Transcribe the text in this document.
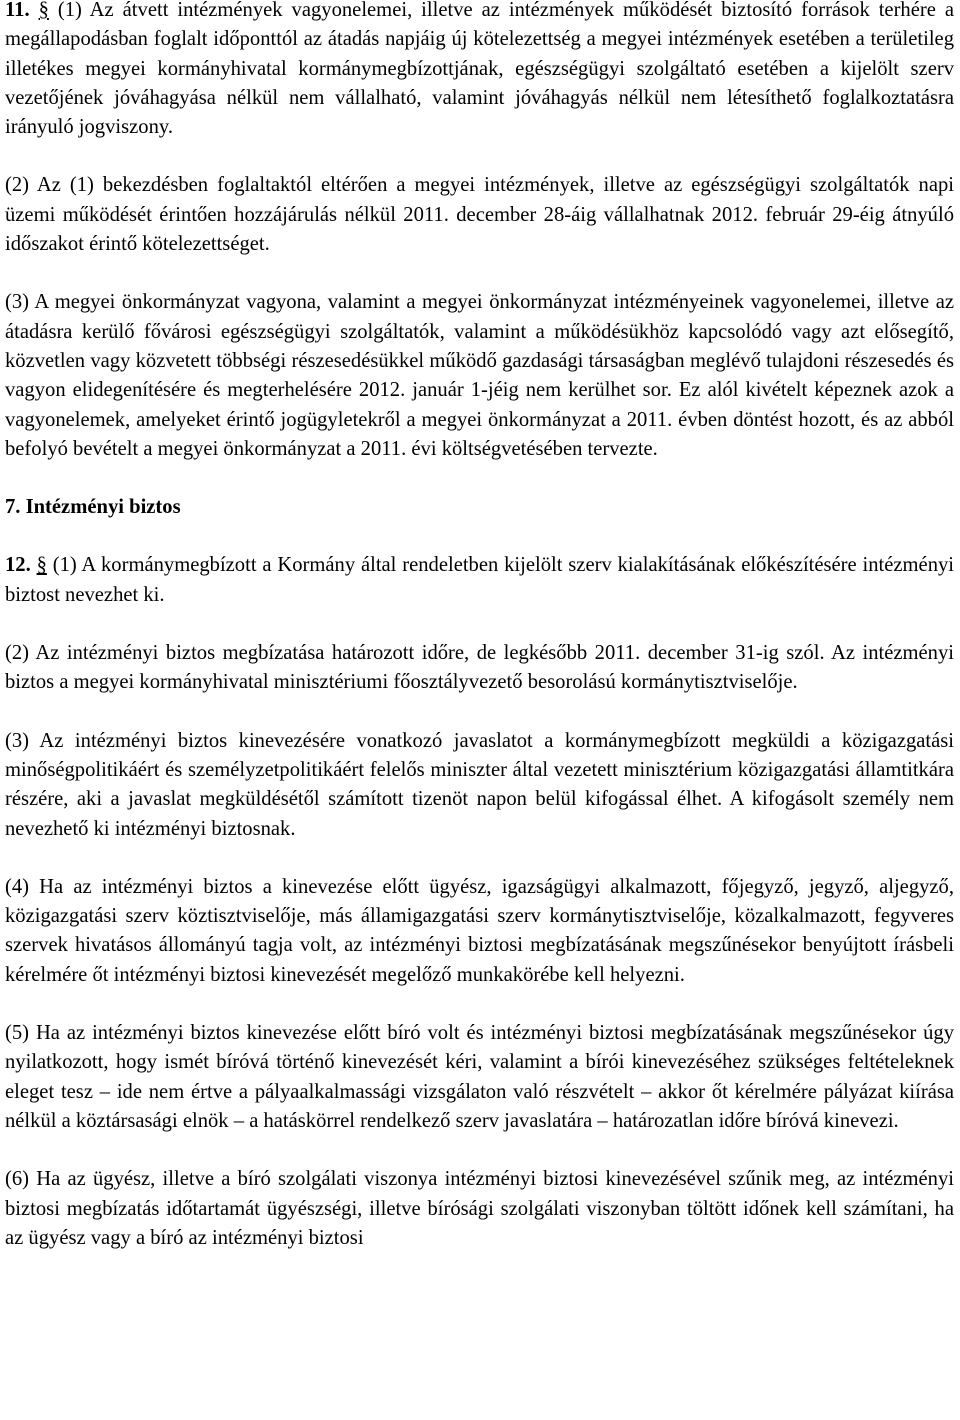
11. § (1) Az átvett intézmények vagyonelemei, illetve az intézmények működését biztosító források terhére a megállapodásban foglalt időponttól az átadás napjáig új kötelezettség a megyei intézmények esetében a területileg illetékes megyei kormányhivatal kormánymegbízottjának, egészségügyi szolgáltató esetében a kijelölt szerv vezetőjének jóváhagyása nélkül nem vállalható, valamint jóváhagyás nélkül nem létesíthető foglalkoztatásra irányuló jogviszony.

(2) Az (1) bekezdésben foglaltaktól eltérően a megyei intézmények, illetve az egészségügyi szolgáltatók napi üzemi működését érintően hozzájárulás nélkül 2011. december 28-áig vállalhatnak 2012. február 29-éig átnyúló időszakot érintő kötelezettséget.

(3) A megyei önkormányzat vagyona, valamint a megyei önkormányzat intézményeinek vagyonelemei, illetve az átadásra kerülő fővárosi egészségügyi szolgáltatók, valamint a működésükhöz kapcsolódó vagy azt elősegítő, közvetlen vagy közvetett többségi részesedésükkel működő gazdasági társaságban meglévő tulajdoni részesedés és vagyon elidegenítésére és megterhelésére 2012. január 1-jéig nem kerülhet sor. Ez alól kivételt képeznek azok a vagyonelemek, amelyeket érintő jogügyletekről a megyei önkormányzat a 2011. évben döntést hozott, és az abból befolyó bevételt a megyei önkormányzat a 2011. évi költségvetésében tervezte.

7. Intézményi biztos

12. § (1) A kormánymegbízott a Kormány által rendeletben kijelölt szerv kialakításának előkészítésére intézményi biztost nevezhet ki.

(2) Az intézményi biztos megbízatása határozott időre, de legkésőbb 2011. december 31-ig szól. Az intézményi biztos a megyei kormányhivatal minisztériumi főosztályvezető besorolású kormánytisztviselője.

(3) Az intézményi biztos kinevezésére vonatkozó javaslatot a kormánymegbízott megküldi a közigazgatási minőségpolitikáért és személyzetpolitikáért felelős miniszter által vezetett minisztérium közigazgatási államtitkára részére, aki a javaslat megküldésétől számított tizenöt napon belül kifogással élhet. A kifogásolt személy nem nevezhető ki intézményi biztosnak.

(4) Ha az intézményi biztos a kinevezése előtt ügyész, igazságügyi alkalmazott, főjegyző, jegyző, aljegyző, közigazgatási szerv köztisztviselője, más államigazgatási szerv kormánytisztviselője, közalkalmazott, fegyveres szervek hivatásos állományú tagja volt, az intézményi biztosi megbízatásának megszűnésekor benyújtott írásbeli kérelmére őt intézményi biztosi kinevezését megelőző munkakörébe kell helyezni.

(5) Ha az intézményi biztos kinevezése előtt bíró volt és intézményi biztosi megbízatásának megszűnésekor úgy nyilatkozott, hogy ismét bíróvá történő kinevezését kéri, valamint a bírói kinevezéséhez szükséges feltételeknek eleget tesz – ide nem értve a pályaalkalmassági vizsgálaton való részvételt – akkor őt kérelmére pályázat kiírása nélkül a köztársasági elnök – a hatáskörrel rendelkező szerv javaslatára – határozatlan időre bíróvá kinevezi.

(6) Ha az ügyész, illetve a bíró szolgálati viszonya intézményi biztosi kinevezésével szűnik meg, az intézményi biztosi megbízatás időtartamát ügyészségi, illetve bírósági szolgálati viszonyban töltött időnek kell számítani, ha az ügyész vagy a bíró az intézményi biztosi
